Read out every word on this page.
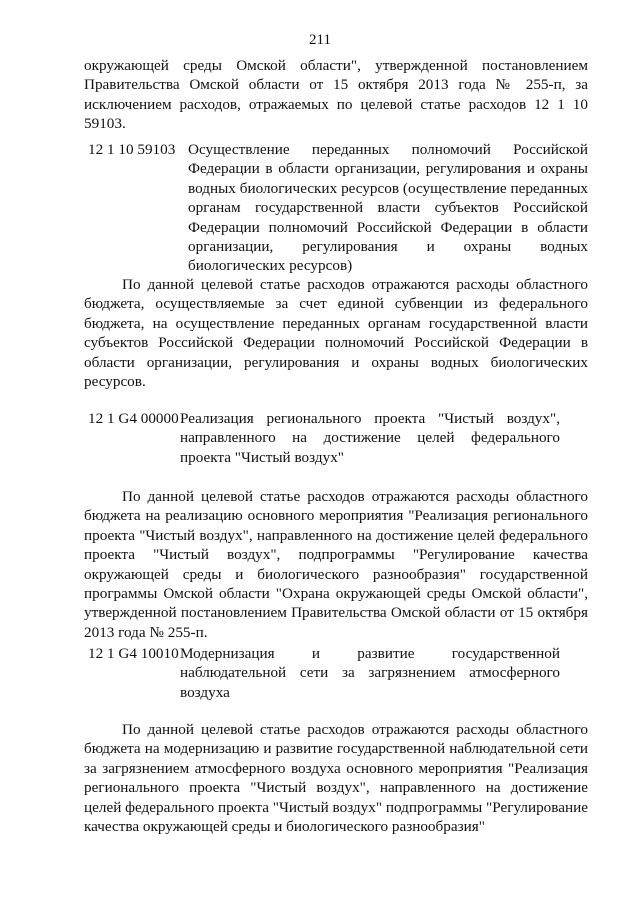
211

окружающей среды Омской области", утвержденной постановлением Правительства Омской области от 15 октября 2013 года № 255-п, за исключением расходов, отражаемых по целевой статье расходов 12 1 10 59103.

12 1 10 59103 Осуществление переданных полномочий Российской Федерации в области организации, регулирования и охраны водных биологических ресурсов (осуществление переданных органам государственной власти субъектов Российской Федерации полномочий Российской Федерации в области организации, регулирования и охраны водных биологических ресурсов)

По данной целевой статье расходов отражаются расходы областного бюджета, осуществляемые за счет единой субвенции из федерального бюджета, на осуществление переданных органам государственной власти субъектов Российской Федерации полномочий Российской Федерации в области организации, регулирования и охраны водных биологических ресурсов.

12 1 G4 00000 Реализация регионального проекта "Чистый воздух", направленного на достижение целей федерального проекта "Чистый воздух"

По данной целевой статье расходов отражаются расходы областного бюджета на реализацию основного мероприятия "Реализация регионального проекта "Чистый воздух", направленного на достижение целей федерального проекта "Чистый воздух", подпрограммы "Регулирование качества окружающей среды и биологического разнообразия" государственной программы Омской области "Охрана окружающей среды Омской области", утвержденной постановлением Правительства Омской области от 15 октября 2013 года № 255-п.

12 1 G4 10010 Модернизация и развитие государственной наблюдательной сети за загрязнением атмосферного воздуха

По данной целевой статье расходов отражаются расходы областного бюджета на модернизацию и развитие государственной наблюдательной сети за загрязнением атмосферного воздуха основного мероприятия "Реализация регионального проекта "Чистый воздух", направленного на достижение целей федерального проекта "Чистый воздух" подпрограммы "Регулирование качества окружающей среды и биологического разнообразия"
